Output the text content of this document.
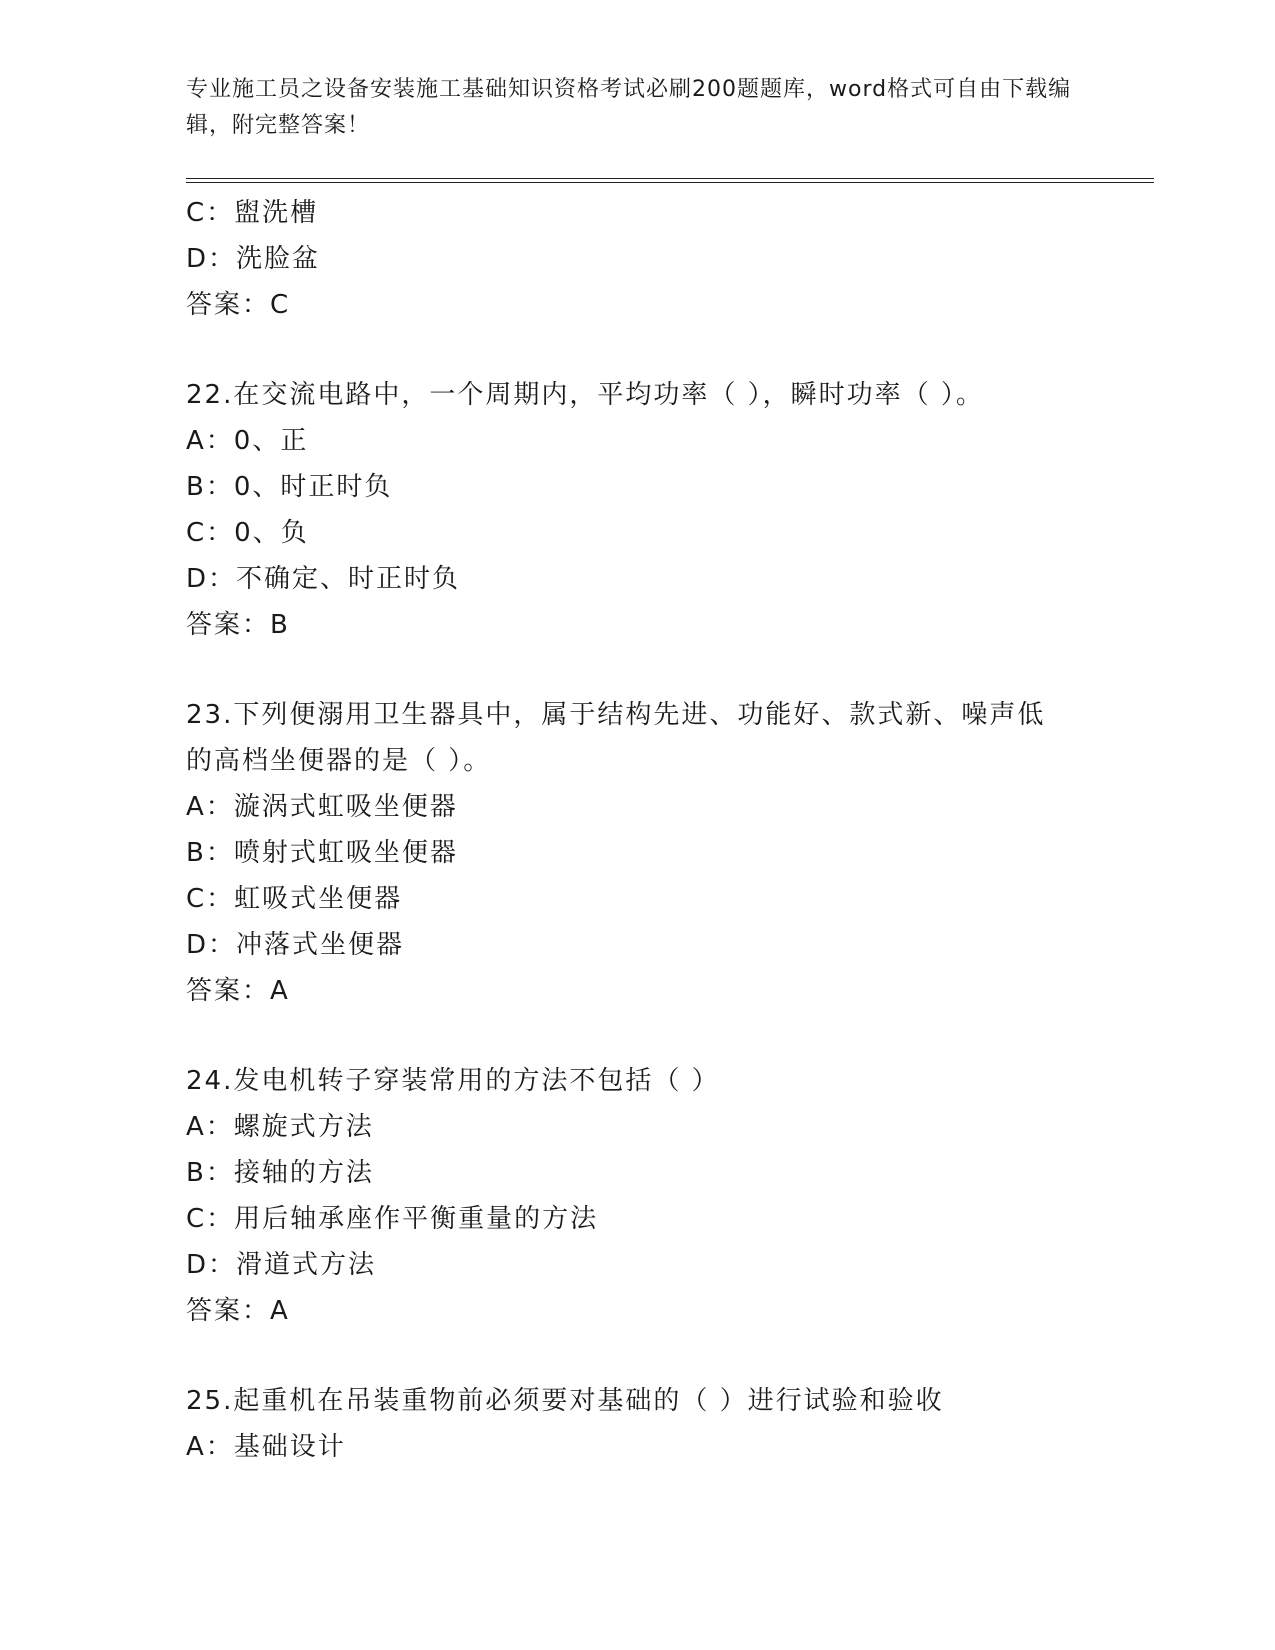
专业施工员之设备安装施工基础知识资格考试必刷200题题库，word格式可自由下载编辑，附完整答案！
C：盥洗槽
D：洗脸盆
答案：C
22.在交流电路中，一个周期内，平均功率（ ），瞬时功率（ ）。
A：0、正
B：0、时正时负
C：0、负
D：不确定、时正时负
答案：B
23.下列便溺用卫生器具中，属于结构先进、功能好、款式新、噪声低
的高档坐便器的是（ ）。
A：漩涡式虹吸坐便器
B：喷射式虹吸坐便器
C：虹吸式坐便器
D：冲落式坐便器
答案：A
24.发电机转子穿装常用的方法不包括（ ）
A：螺旋式方法
B：接轴的方法
C：用后轴承座作平衡重量的方法
D：滑道式方法
答案：A
25.起重机在吊装重物前必须要对基础的（ ）进行试验和验收
A：基础设计
